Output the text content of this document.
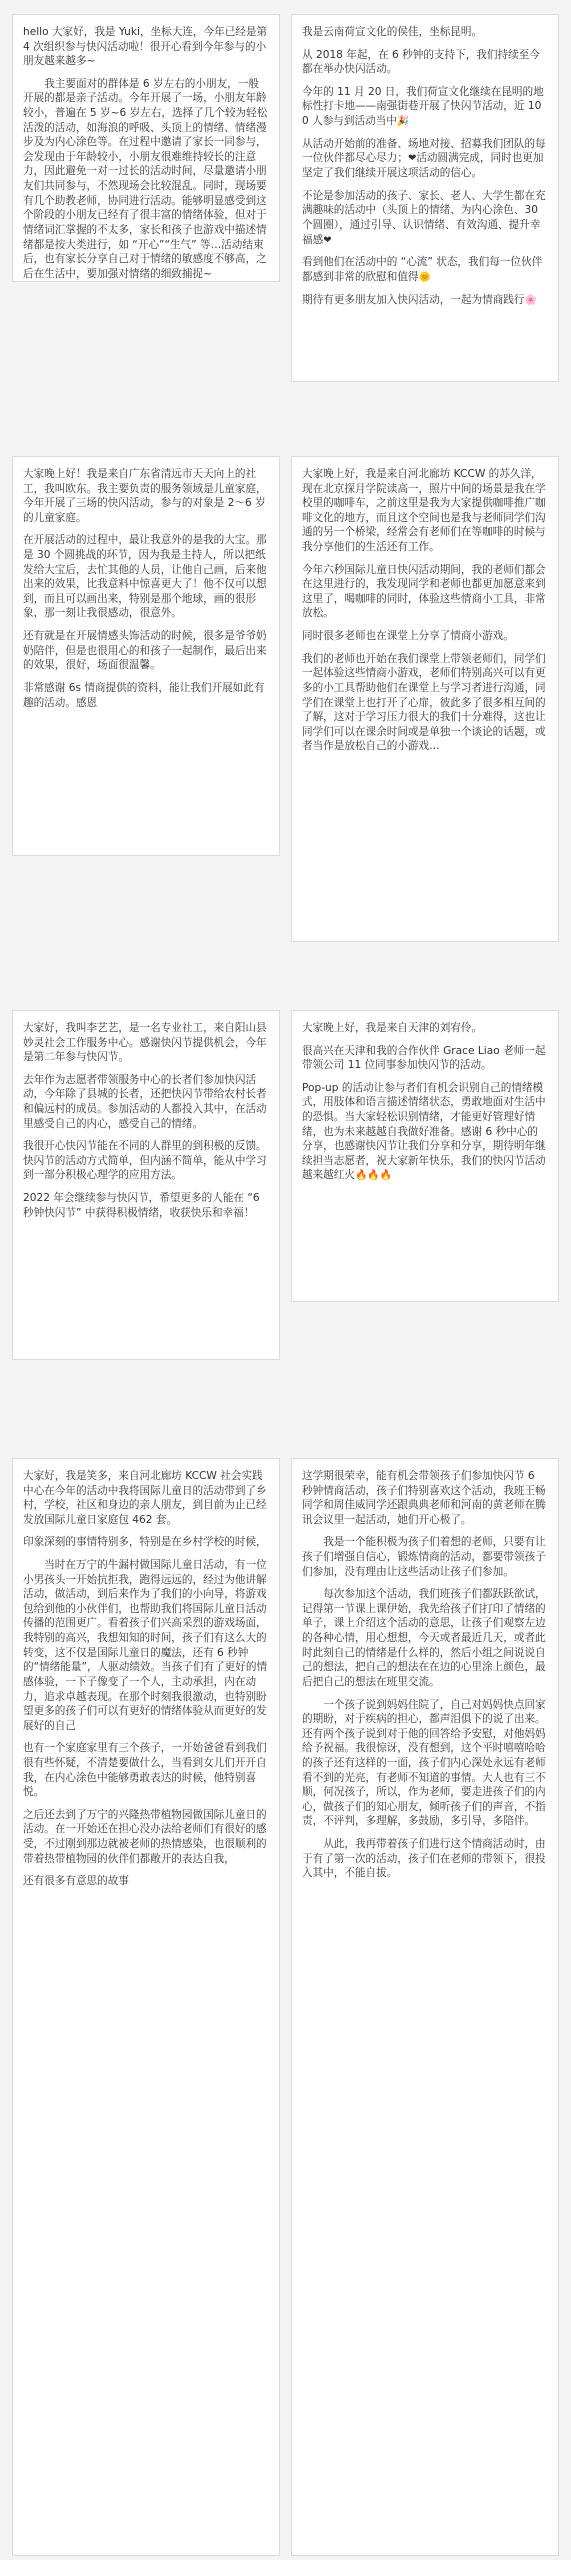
hello 大家好，我是 Yuki，坐标大连，今年已经是第 4 次组织参与快闪活动啦！很开心看到今年参与的小朋友越来越多~

我主要面对的群体是 6 岁左右的小朋友，一般开展的都是亲子活动。今年开展了一场，小朋友年龄较小，普遍在 5 岁~6 岁左右，选择了几个较为轻松活泼的活动，如海浪的呼吸、头顶上的情绪、情绪漫步及为内心涂色等。在过程中邀请了家长一同参与，会发现由于年龄较小，小朋友很难维持较长的注意力，因此避免一对一过长的活动时间，尽量邀请小朋友们共同参与，不然现场会比较混乱。同时，现场要有几个助教老师，协同进行活动。能够明显感受到这个阶段的小朋友已经有了很丰富的情绪体验，但对于情绪词汇掌握的不太多，家长和孩子也游戏中描述情绪都是按大类进行，如 “开心”“生气” 等…活动结束后，也有家长分享自己对于情绪的敏感度不够高，之后在生活中，要加强对情绪的细致捕捉~

我是云南荷宣文化的侯佳，坐标昆明。

从 2018 年起，在 6 秒钟的支持下，我们持续至今都在举办快闪活动。

今年的 11 月 20 日，我们荷宣文化继续在昆明的地标性打卡地——南强街巷开展了快闪节活动，近 100 人参与到活动当中🎉

从活动开始前的准备、场地对接、招募我们团队的每一位伙伴都尽心尽力；❤活动圆满完成，同时也更加坚定了我们继续开展这项活动的信心。

不论是参加活动的孩子、家长、老人、大学生都在充满趣味的活动中（头顶上的情绪、为内心涂色、30 个圆圈），通过引导、认识情绪、有效沟通、提升幸福感❤

看到他们在活动中的 “心流” 状态，我们每一位伙伴都感到非常的欣慰和值得🌞

期待有更多朋友加入快闪活动，一起为情商践行🌸

大家晚上好！我是来自广东省清远市天天向上的社工，我叫欧东。我主要负责的服务领域是儿童家庭，今年开展了三场的快闪活动，参与的对象是 2～6 岁的儿童家庭。

在开展活动的过程中，最让我意外的是我的大宝。那是 30 个圆挑战的环节，因为我是主持人，所以把纸发给大宝后，去忙其他的人员，让他自己画，后来他出来的效果，比我意料中惊喜更大了！他不仅可以想到，而且可以画出来，特别是那个地球，画的很形象，那一刻让我很感动，很意外。

还有就是在开展情感头饰活动的时候，很多是爷爷奶奶陪伴，但是也很用心的和孩子一起制作，最后出来的效果，很好，场面很温馨。

非常感谢 6s 情商提供的资料，能让我们开展如此有趣的活动。感恩

大家晚上好，我是来自河北廊坊 KCCW 的苏久洋，现在北京探月学院读高一，照片中间的场景是我在学校里的咖啡车，之前这里是我为大家提供咖啡推广咖啡文化的地方，而且这个空间也是我与老师同学们沟通的另一个桥梁，经常会有老师们在等咖啡的时候与我分享他们的生活还有工作。

今年六秒国际儿童日快闪活动期间，我的老师们都会在这里进行的，我发现同学和老师也都更加愿意来到这里了，喝咖啡的同时，体验这些情商小工具，非常放松。

同时很多老师也在课堂上分享了情商小游戏。

我们的老师也开始在我们课堂上带领老师们，同学们一起体验这些情商小游戏，老师们特别高兴可以有更多的小工具帮助他们在课堂上与学习者进行沟通，同学们在课堂上也打开了心扉，彼此多了很多相互间的了解，这对于学习压力很大的我们十分难得，这也让同学们可以在课余时间或是单独一个谈论的话题，或者当作是放松自己的小游戏…

大家好，我叫李艺艺，是一名专业社工，来自阳山县妙灵社会工作服务中心。感谢快闪节提供机会，今年是第二年参与快闪节。

去年作为志愿者带领服务中心的长者们参加快闪活动，今年除了县城的长者，还把快闪节带给农村长者和偏远村的成员。参加活动的人都投入其中，在活动里感受自己的内心，感受自己的情绪。

我很开心快闪节能在不同的人群里的到积极的反馈。快闪节的活动方式简单，但内涵不简单，能从中学习到一部分积极心理学的应用方法。

2022 年会继续参与快闪节，希望更多的人能在 “6 秒钟快闪节” 中获得积极情绪，收获快乐和幸福！

大家晚上好，我是来自天津的刘宥伶。

很高兴在天津和我的合作伙伴 Grace Liao 老师一起带领公司 11 位同事参加快闪节的活动。

Pop-up 的活动让参与者们有机会识别自己的情绪模式，用肢体和语言描述情绪状态，勇敢地面对生活中的恐惧。当大家轻松识别情绪，才能更好管理好情绪，也为未来越越自我做好准备。感谢 6 秒中心的分享，也感谢快闪节让我们分享和分享，期待明年继续担当志愿者，祝大家新年快乐，我们的快闪节活动越来越红火🔥🔥🔥

大家好，我是笑多，来自河北廊坊 KCCW 社会实践中心在今年的活动中我将国际儿童日的活动带到了乡村，学校，社区和身边的亲人朋友，到目前为止已经发放国际儿童日家庭包 462 套。

印象深刻的事情特别多，特别是在乡村学校的时候，

当时在万宁的牛漏村做国际儿童日活动，有一位小男孩头一开始抗拒我，跑得远远的，经过为他讲解活动，做活动，到后来作为了我们的小向导，将游戏包给到他的小伙伴们，也帮助我们将国际儿童日活动传播的范围更广。看着孩子们兴高采烈的游戏场面，我特别的高兴，我想知知的时间，孩子们有这么大的转变，这不仅是国际儿童日的魔法，还有 6 秒钟的“情绪能量”，人驱动绩效。当孩子们有了更好的情感体验，一下子像变了一个人，主动承担，内在动力，追求卓越表现。在那个时刻我很激动，也特别盼望更多的孩子们可以有更好的情绪体验从而更好的发展好的自己

也有一个家庭家里有三个孩子，一开始爸爸看到我们很有些怀疑，不清楚要做什么，当看到女儿们开开自我，在内心涂色中能够勇敢表达的时候，他特别喜悦。

之后还去到了万宁的兴隆热带植物园做国际儿童日的活动。在一开始还在担心没办法给老师们有很好的感受，不过刚到那边就被老师的热情感染，也很顺利的带着热带植物园的伙伴们都敞开的表达自我，

还有很多有意思的故事

这学期很荣幸，能有机会带领孩子们参加快闪节 6 秒钟情商活动，孩子们特别喜欢这个活动，我班王畅同学和周佳威同学还跟典典老师和河南的黄老师在腾讯会议里一起活动，她们开心极了。

我是一个能积极为孩子们着想的老师，只要有让孩子们增强自信心，锻炼情商的活动，都要带领孩子们参加，没有理由让这些活动让孩子们参加。

每次参加这个活动，我们班孩子们都跃跃欲试，记得第一节课上课伊始，我先给孩子们打印了情绪的单子，课上介绍这个活动的意思，让孩子们观察左边的各种心情，用心想想，今天或者最近几天，或者此时此刻自己的情绪是什么样的，然后小组之间说说自己的想法，把自己的想法在在边的心里涂上颜色，最后把自己的想法在班里交流。

一个孩子说到妈妈住院了，自己对妈妈快点回家的期盼，对于疾病的担心，都声泪俱下的说了出来。还有两个孩子说到对于他的回答给予安慰，对他妈妈给予祝福。我很惊讶，没有想到，这个平时嘻嘻哈哈的孩子还有这样的一面，孩子们内心深处永远有老师看不到的光亮，有老师不知道的事情。大人也有三不顺，何况孩子，所以，作为老师，要走进孩子们的内心，做孩子们的知心朋友，倾听孩子们的声音，不指责，不评判，多理解，多鼓励，多引导，多陪伴。

从此，我再带着孩子们进行这个情商活动时，由于有了第一次的活动，孩子们在老师的带领下，很投入其中，不能自拔。
